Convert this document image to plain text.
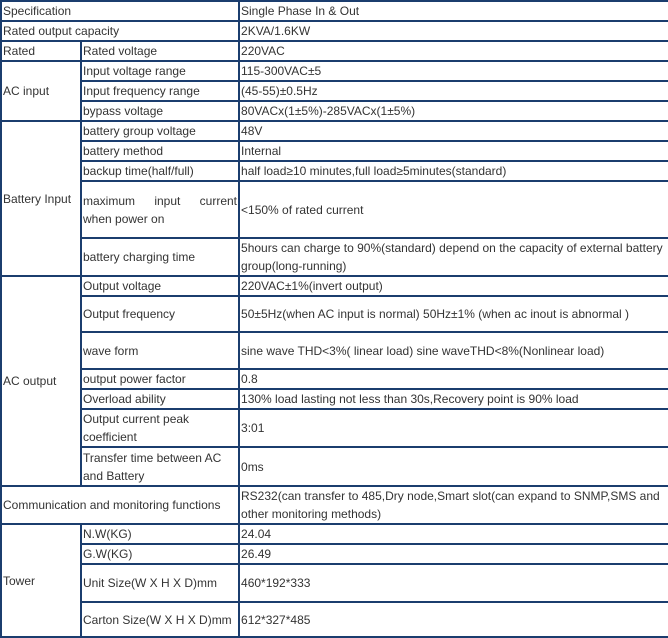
Specification		Single Phase In & Out
Rated output capacity		2KVA/1.6KW
Rated	Rated voltage	220VAC
AC input	Input voltage range	115-300VAC±5
	Input frequency range	(45-55)±0.5Hz
	bypass voltage	80VACx(1±5%)-285VACx(1±5%)
Battery Input	battery group voltage	48V
	battery method	Internal
	backup time(half/full)	half load≥10 minutes,full load≥5minutes(standard)
	maximum input current when power on	<150% of rated current
	battery charging time	5hours can charge to 90%(standard) depend on the capacity of external battery group(long-running)
AC output	Output voltage	220VAC±1%(invert output)
	Output frequency	50±5Hz(when AC input is normal) 50Hz±1% (when ac inout is abnormal )
	wave form	sine wave THD<3%( linear load) sine waveTHD<8%(Nonlinear load)
	output power factor	0.8
	Overload ability	130% load lasting not less than 30s,Recovery point is 90% load
	Output current peak coefficient	3:01
	Transfer time between AC and Battery	0ms
Communication and monitoring functions		RS232(can transfer to 485,Dry node,Smart slot(can expand to SNMP,SMS and other monitoring methods)
Tower	N.W(KG)	24.04
	G.W(KG)	26.49
	Unit Size(W X H X D)mm	460*192*333
	Carton Size(W X H X D)mm	612*327*485
